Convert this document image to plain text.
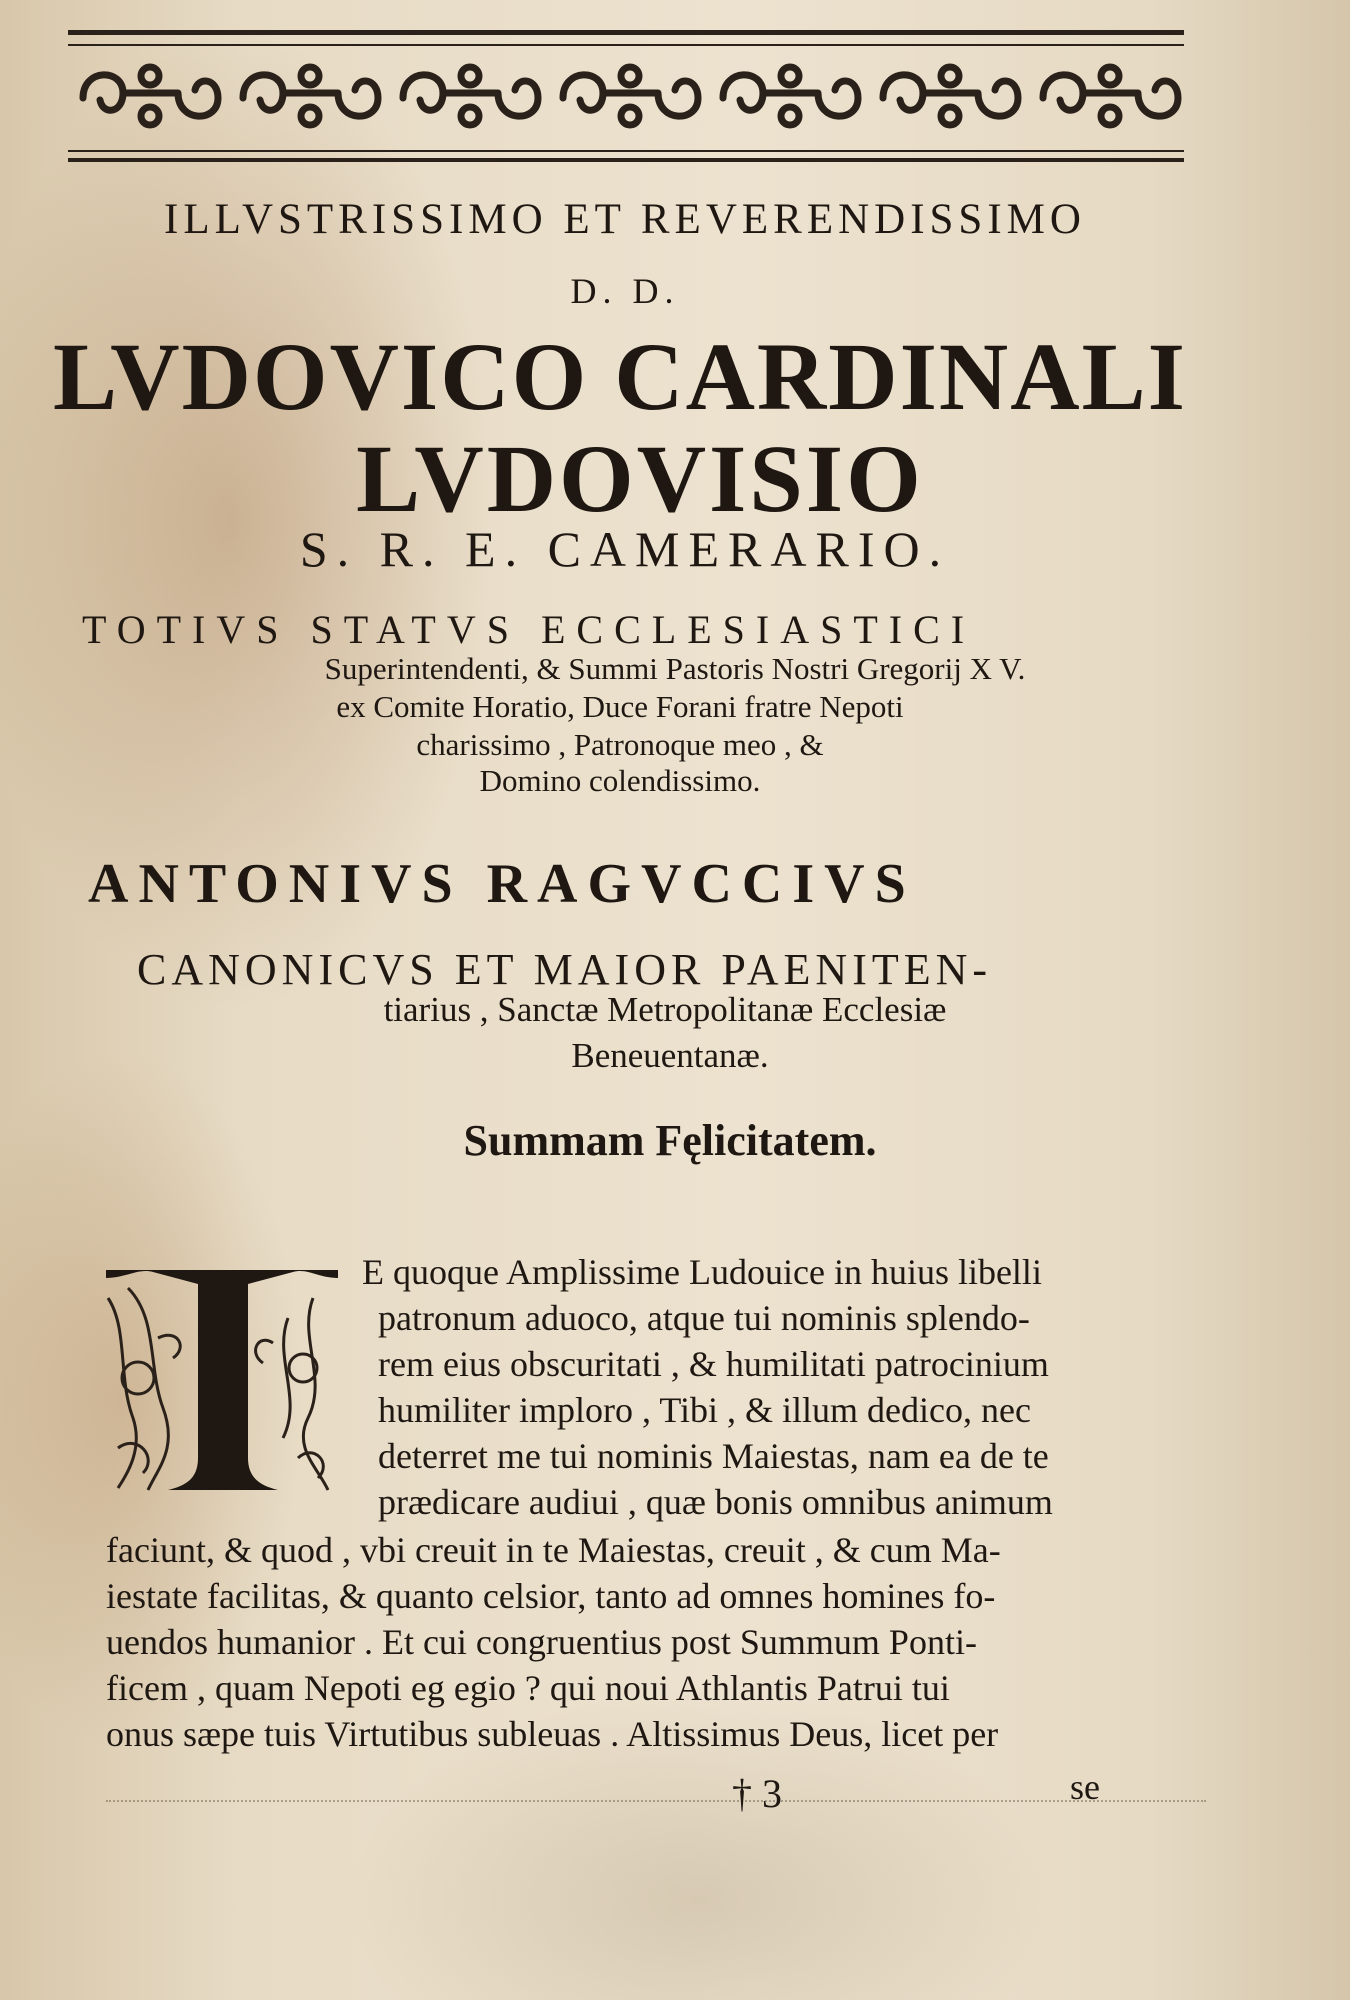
ILLVSTRISSIMO ET REVERENDISSIMO
D. D.
LVDOVICO CARDINALI
LVDOVISIO
S. R. E. CAMERARIO.
TOTIVS STATVS ECCLESIASTICI
Superintendenti, & Summi Pastoris Nostri Gregorij X V.
ex Comite Horatio, Duce Forani fratre Nepoti
charissimo , Patronoque meo , &
Domino colendissimo.
ANTONIVS RAGVCCIVS
CANONICVS ET MAIOR PAENITEN-
tiarius , Sanctæ Metropolitanæ Ecclesiæ
Beneuentanæ.
Summam Fęlicitatem.
T	E quoque Amplissime Ludouice in huius libelli
patronum aduoco, atque tui nominis splendo-
rem eius obscuritati , & humilitati patrocinium
humiliter imploro , Tibi , & illum dedico, nec
deterret me tui nominis Maiestas, nam ea de te
prædicare audiui , quæ bonis omnibus animum
faciunt, & quod , vbi creuit in te Maiestas, creuit , & cum Ma-
iestate facilitas, & quanto celsior, tanto ad omnes homines fo-
uendos humanior . Et cui congruentius post Summum Ponti-
ficem , quam Nepoti eg egio ? qui noui Athlantis Patrui tui
onus sæpe tuis Virtutibus subleuas . Altissimus Deus, licet per
† 3	se
